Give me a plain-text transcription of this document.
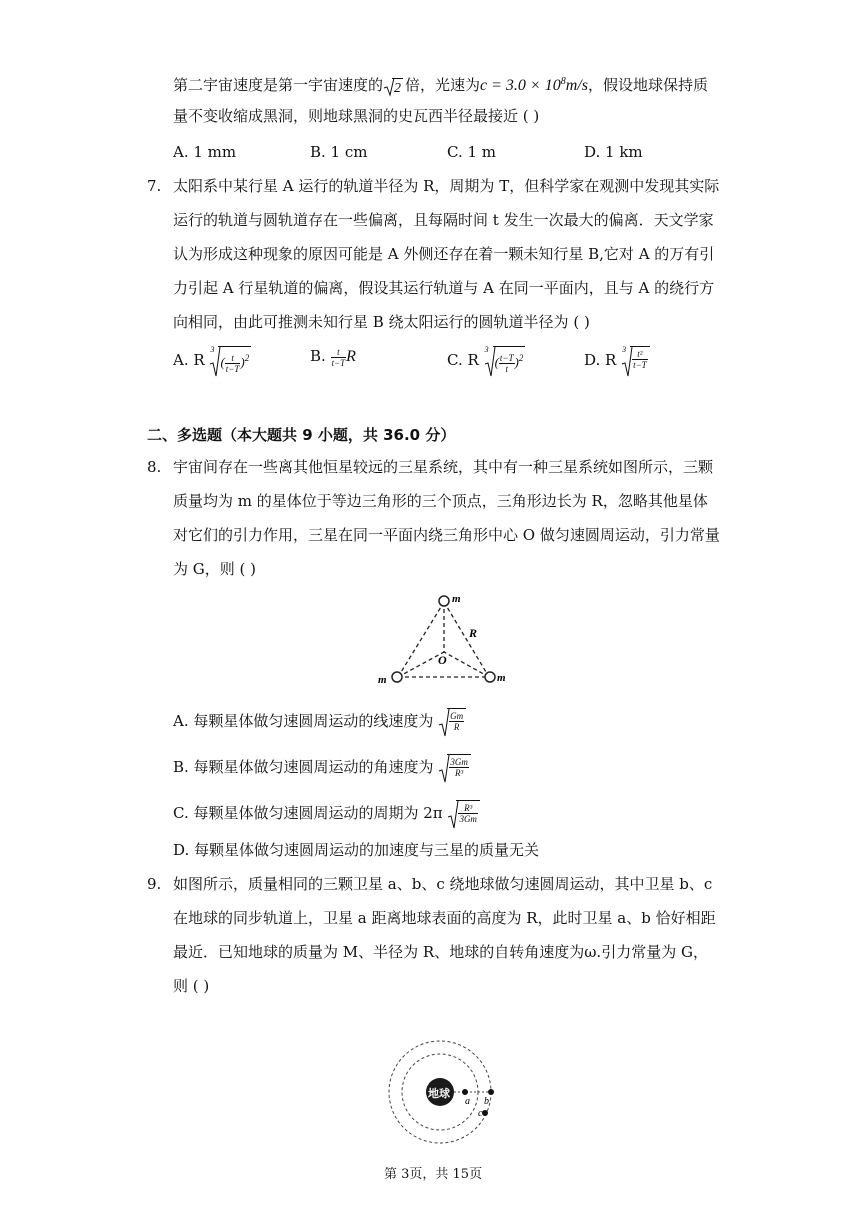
第二宇宙速度是第一宇宙速度的 2 倍，光速为$c = 3.0 \times 10^8m/s$，假设地球保持质
量不变收缩成黑洞，则地球黑洞的史瓦西半径最接近 ( )
A. 1 mm	B. 1 cm	C. 1 m	D. 1 km
7. 太阳系中某行星 A 运行的轨道半径为 R，周期为 T，但科学家在观测中发现其实际
运行的轨道与圆轨道存在一些偏离，且每隔时间 t 发生一次最大的偏离．天文学家
认为形成这种现象的原因可能是 A 外侧还存在着一颗未知行星 B,它对 A 的万有引
力引起 A 行星轨道的偏离，假设其运行轨道与 A 在同一平面内，且与 A 的绕行方
向相同，由此可推测未知行星 B 绕太阳运行的圆轨道半径为 ( )
A. R
3
( $\frac{t}{t-T} )^2$	B. $\frac{t}{t-T}$ R	C. R
3
( $\frac{t-T}{t} )^2$	D. R
$3 \frac{\text{t²}}{t-T}$
二、多选题（本大题共 9 小题，共 36.0 分）
8. 宇宙间存在一些离其他恒星较远的三星系统，其中有一种三星系统如图所示，三颗
质量均为 m 的星体位于等边三角形的三个顶点，三角形边长为 R，忽略其他星体
对它们的引力作用，三星在同一平面内绕三角形中心 O 做匀速圆周运动，引力常量
为 G，则 ( )
m
m	m
O
R
A. 每颗星体做匀速圆周运动的线速度为 $\frac{Gm}{R}$
B. 每颗星体做匀速圆周运动的角速度为 $\frac{3Gm}{\text{R³}}$
C. 每颗星体做匀速圆周运动的周期为 $2\pi \frac{\text{R³}}{3Gm}$
D. 每颗星体做匀速圆周运动的加速度与三星的质量无关
9. 如图所示，质量相同的三颗卫星 a、b、c 绕地球做匀速圆周运动，其中卫星 b、c
在地球的同步轨道上，卫星 a 距离地球表面的高度为 R，此时卫星 a、b 恰好相距
最近．已知地球的质量为 M、半径为 R、地球的自转角速度为ω.引力常量为 G，
则 ( )
地球
a b
c
第 3页，共 15页
